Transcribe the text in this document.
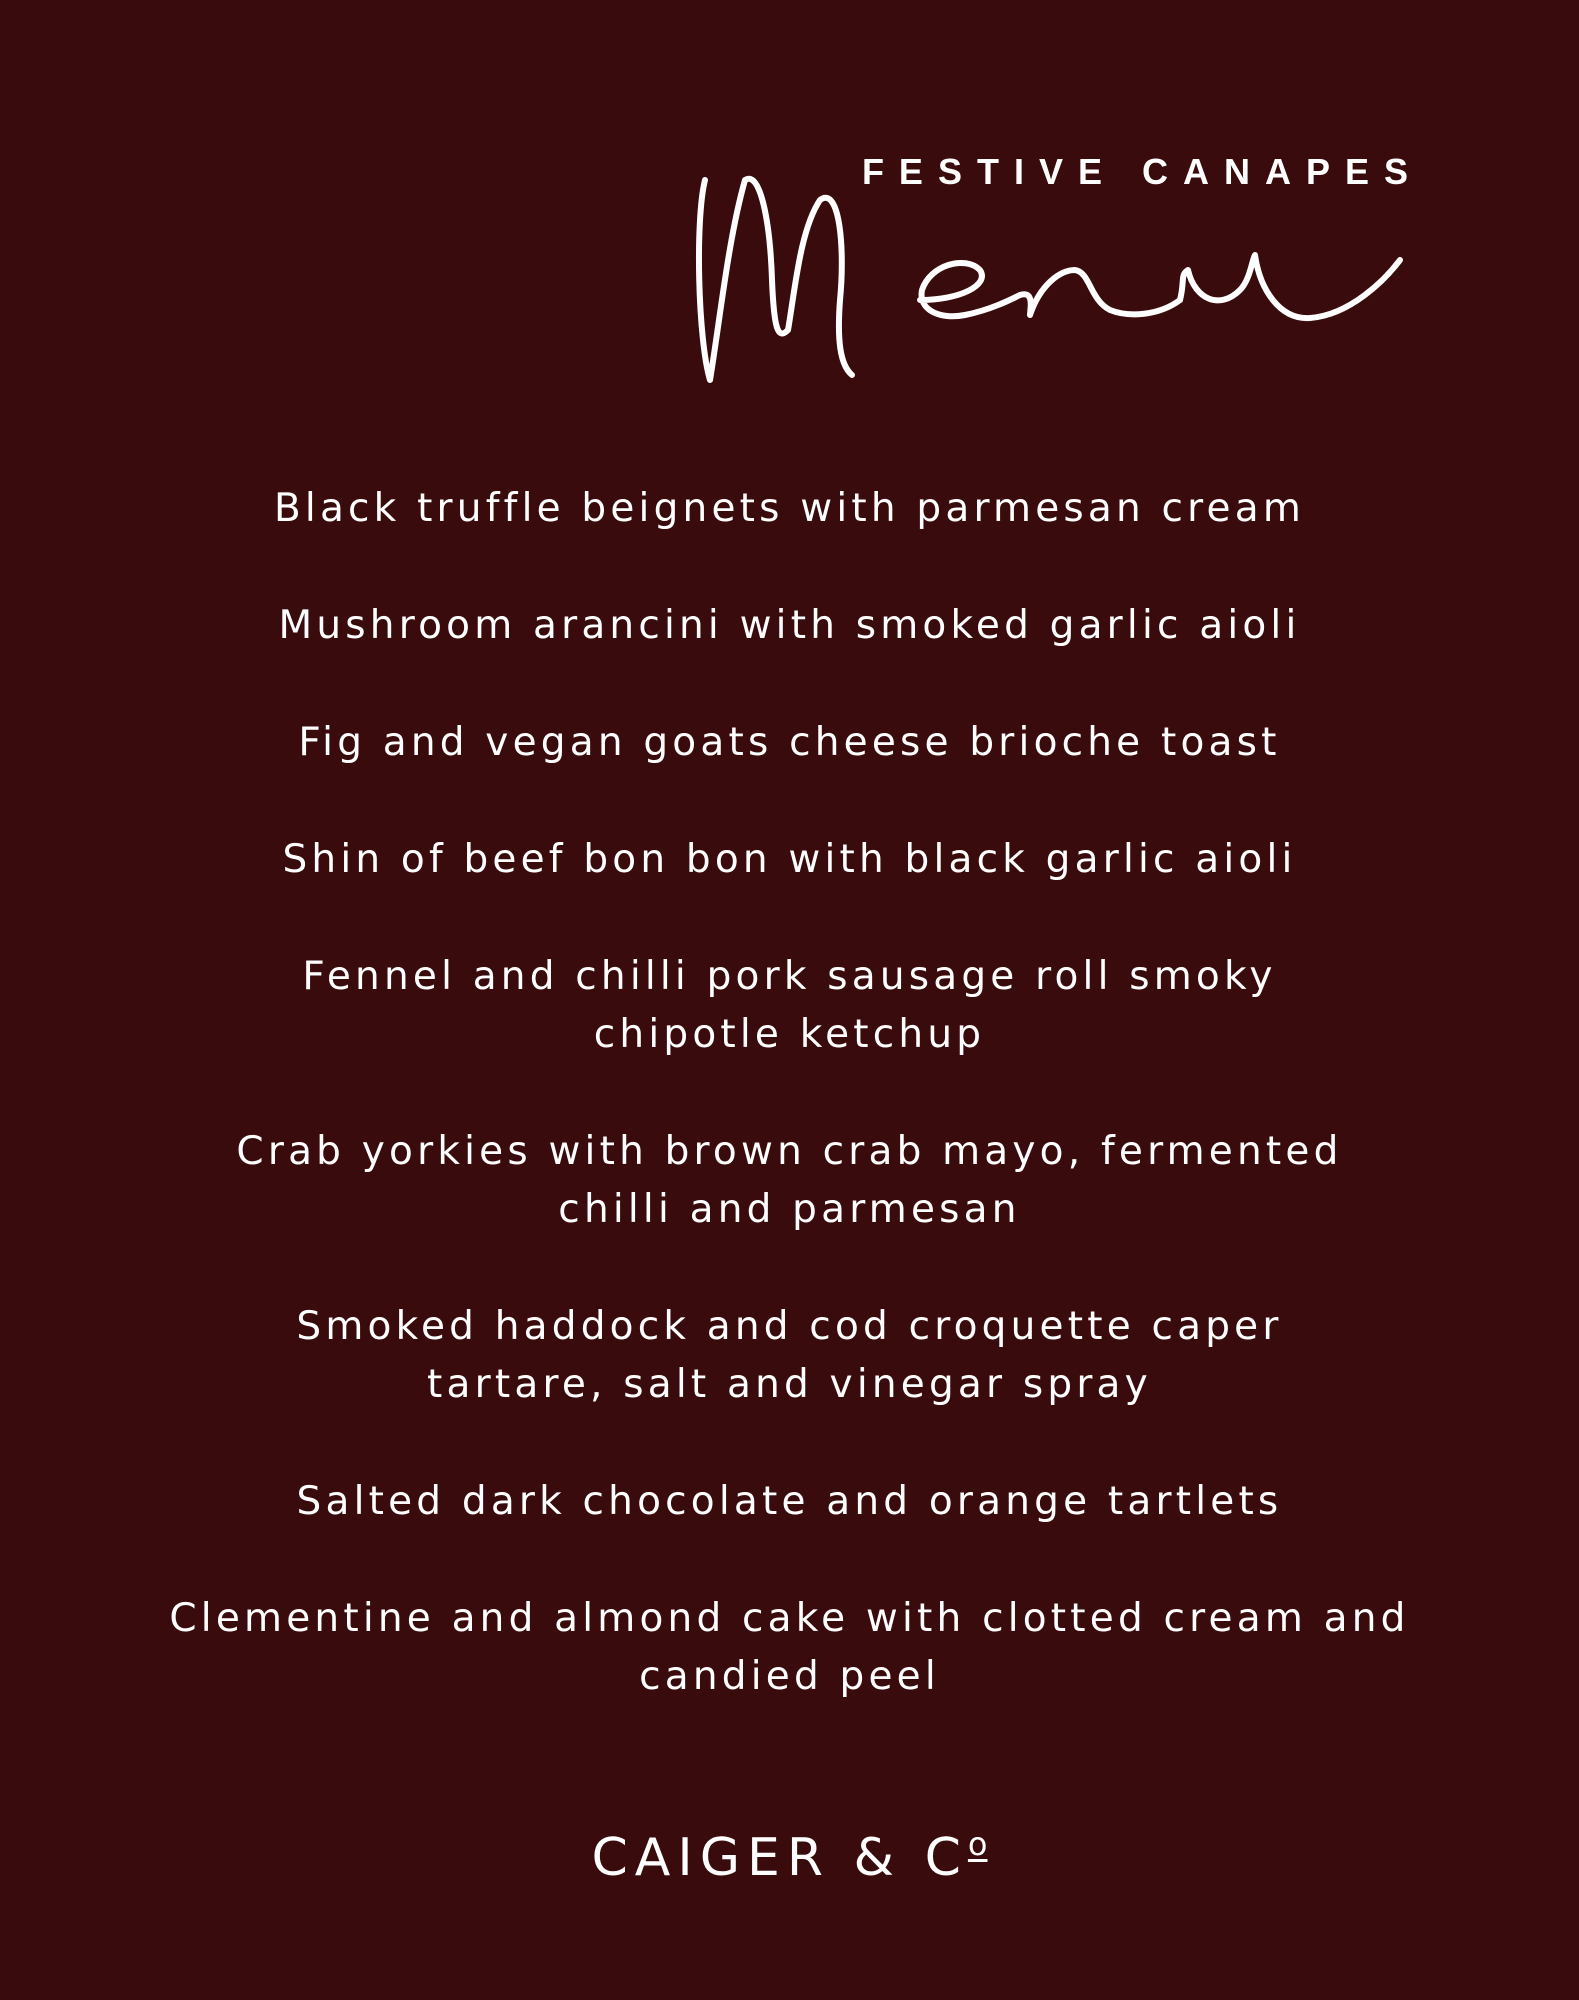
FESTIVE CANAPES
Black truffle beignets with parmesan cream
Mushroom arancini with smoked garlic aioli
Fig and vegan goats cheese brioche toast
Shin of beef bon bon with black garlic aioli
Fennel and chilli pork sausage roll smoky chipotle ketchup
Crab yorkies with brown crab mayo, fermented chilli and parmesan
Smoked haddock and cod croquette caper tartare, salt and vinegar spray
Salted dark chocolate and orange tartlets
Clementine and almond cake with clotted cream and candied peel
CAIGER & $C^o$
